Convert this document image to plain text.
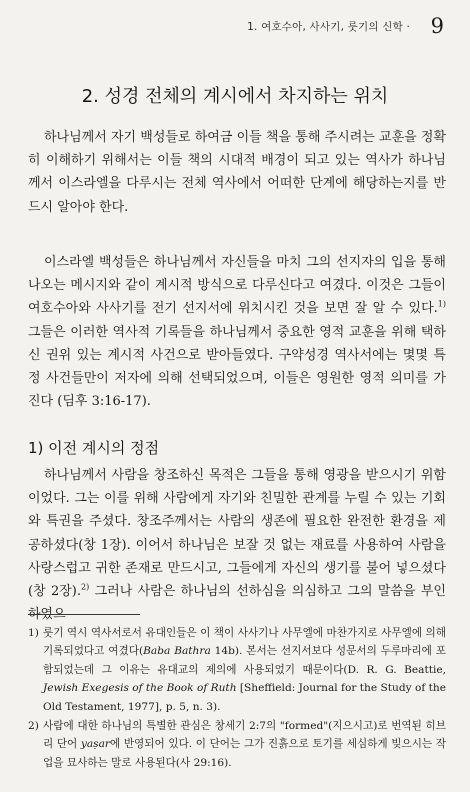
1. 여호수아, 사사기, 룻기의 신학 · 9
2. 성경 전체의 계시에서 차지하는 위치

하나님께서 자기 백성들로 하여금 이들 책을 통해 주시려는 교훈을 정확히 이해하기 위해서는 이들 책의 시대적 배경이 되고 있는 역사가 하나님께서 이스라엘을 다루시는 전체 역사에서 어떠한 단계에 해당하는지를 반드시 알아야 한다.

이스라엘 백성들은 하나님께서 자신들을 마치 그의 선지자의 입을 통해 나오는 메시지와 같이 계시적 방식으로 다루신다고 여겼다. 이것은 그들이 여호수아와 사사기를 전기 선지서에 위치시킨 것을 보면 잘 알 수 있다.$^{1)}$ 그들은 이러한 역사적 기록들을 하나님께서 중요한 영적 교훈을 위해 택하신 권위 있는 계시적 사건으로 받아들였다. 구약성경 역사서에는 몇몇 특정 사건들만이 저자에 의해 선택되었으며, 이들은 영원한 영적 의미를 가진다 (딤후 3:16-17).

1) 이전 계시의 정점

하나님께서 사람을 창조하신 목적은 그들을 통해 영광을 받으시기 위함이었다. 그는 이를 위해 사람에게 자기와 친밀한 관계를 누릴 수 있는 기회와 특권을 주셨다. 창조주께서는 사람의 생존에 필요한 완전한 환경을 제공하셨다(창 1장). 이어서 하나님은 보잘 것 없는 재료를 사용하여 사람을 사랑스럽고 귀한 존재로 만드시고, 그들에게 자신의 생기를 불어 넣으셨다(창 2장).$^{2)}$ 그러나 사람은 하나님의 선하심을 의심하고 그의 말씀을 부인하였으

1) 룻기 역시 역사서로서 유대인들은 이 책이 사사기나 사무엘에 마찬가지로 사무엘에 의해 기록되었다고 여겼다(Baba Bathra 14b). 본서는 선지서보다 성문서의 두루마리에 포함되었는데 그 이유는 유대교의 제의에 사용되었기 때문이다(D. R. G. Beattie, Jewish Exegesis of the Book of Ruth [Sheffield: Journal for the Study of the Old Testament, 1977], p. 5, n. 3).
2) 사람에 대한 하나님의 특별한 관심은 창세기 2:7의 "formed"(지으시고)로 번역된 히브리 단어 yaṣar에 반영되어 있다. 이 단어는 그가 진흙으로 토기를 세심하게 빚으시는 작업을 묘사하는 말로 사용된다(사 29:16).
